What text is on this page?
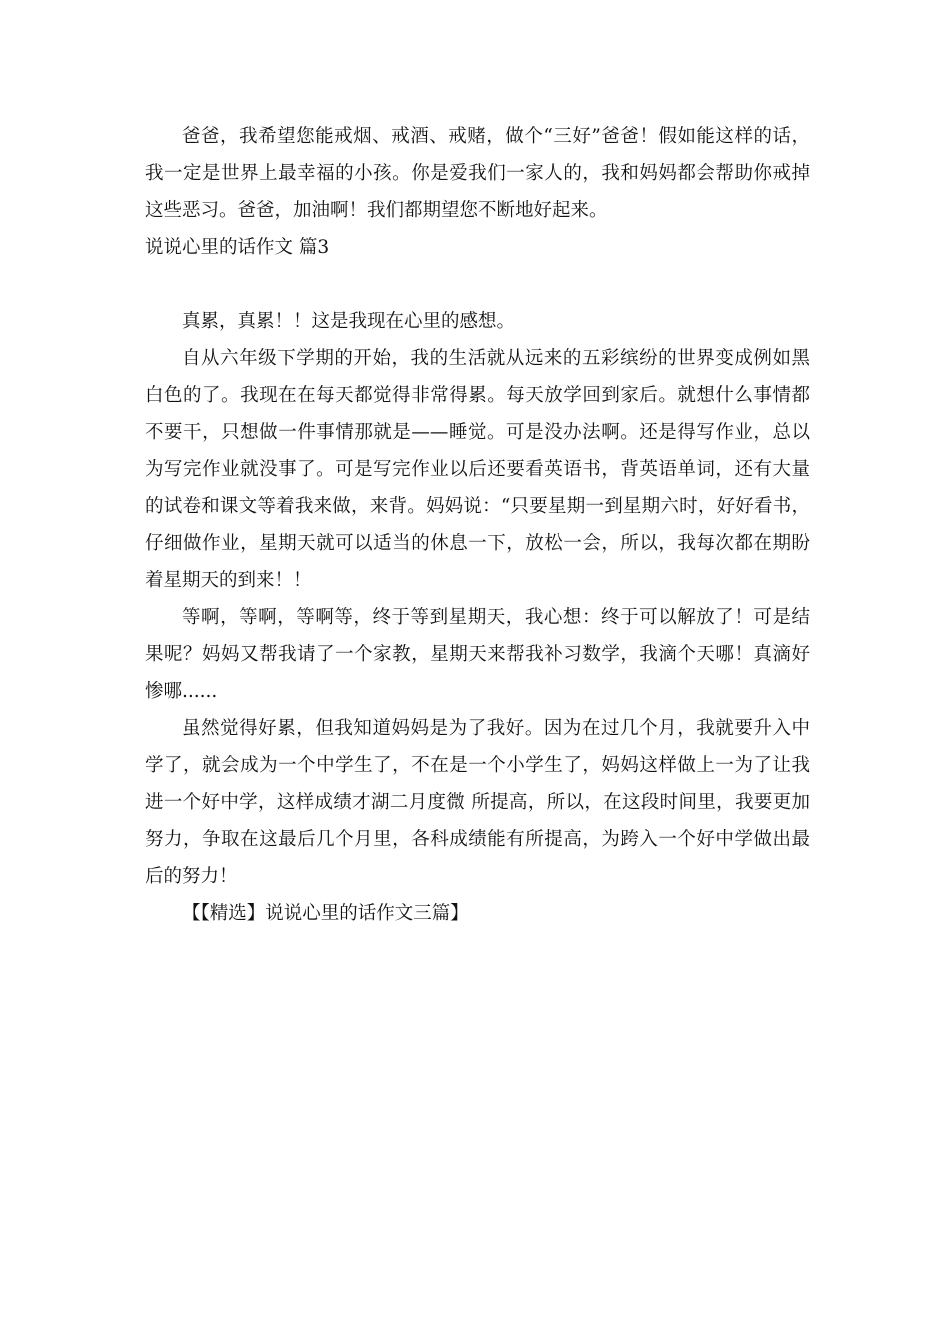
爸爸，我希望您能戒烟、戒酒、戒赌，做个“三好”爸爸！假如能这样的话，我一定是世界上最幸福的小孩。你是爱我们一家人的，我和妈妈都会帮助你戒掉这些恶习。爸爸，加油啊！我们都期望您不断地好起来。

说说心里的话作文 篇3

真累，真累！！这是我现在心里的感想。

自从六年级下学期的开始，我的生活就从远来的五彩缤纷的世界变成例如黑白色的了。我现在在每天都觉得非常得累。每天放学回到家后。就想什么事情都不要干，只想做一件事情那就是——睡觉。可是没办法啊。还是得写作业，总以为写完作业就没事了。可是写完作业以后还要看英语书，背英语单词，还有大量的试卷和课文等着我来做，来背。妈妈说：“只要星期一到星期六时，好好看书，仔细做作业，星期天就可以适当的休息一下，放松一会，所以，我每次都在期盼着星期天的到来！！

等啊，等啊，等啊等，终于等到星期天，我心想：终于可以解放了！可是结果呢？妈妈又帮我请了一个家教，星期天来帮我补习数学，我滴个天哪！真滴好惨哪......

虽然觉得好累，但我知道妈妈是为了我好。因为在过几个月，我就要升入中学了，就会成为一个中学生了，不在是一个小学生了，妈妈这样做上一为了让我进一个好中学，这样成绩才湖二月度微 所提高，所以，在这段时间里，我要更加努力，争取在这最后几个月里，各科成绩能有所提高，为跨入一个好中学做出最后的努力！

【【精选】说说心里的话作文三篇】
